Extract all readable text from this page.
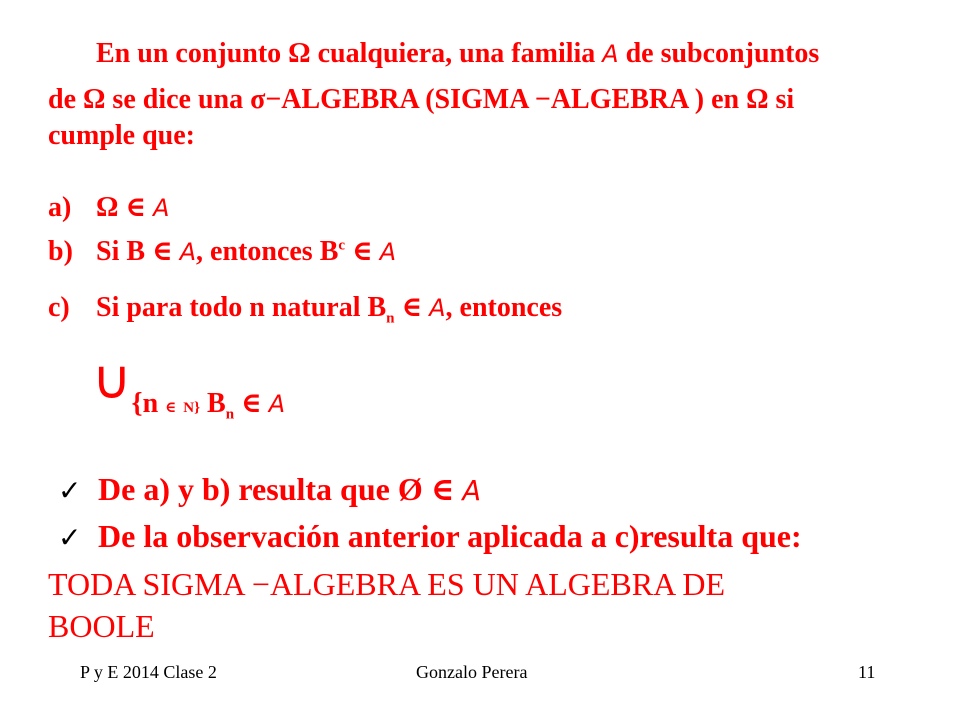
En un conjunto Ω cualquiera, una familia A de subconjuntos
de Ω se dice una σ−ALGEBRA (SIGMA −ALGEBRA ) en Ω si
cumple que:
a) Ω ∈ A
b) Si B ∈ A, entonces $B^c$ ∈ A
c) Si para todo n natural $B_n$ ∈ A, entonces
∪{n ∈ N} $B_n$ ∈ A
✓ De a) y b) resulta que Ø ∈ A
✓ De la observación anterior aplicada a c)resulta que:
TODA SIGMA −ALGEBRA ES UN ALGEBRA DE
BOOLE
P y E 2014 Clase 2	Gonzalo Perera	11
